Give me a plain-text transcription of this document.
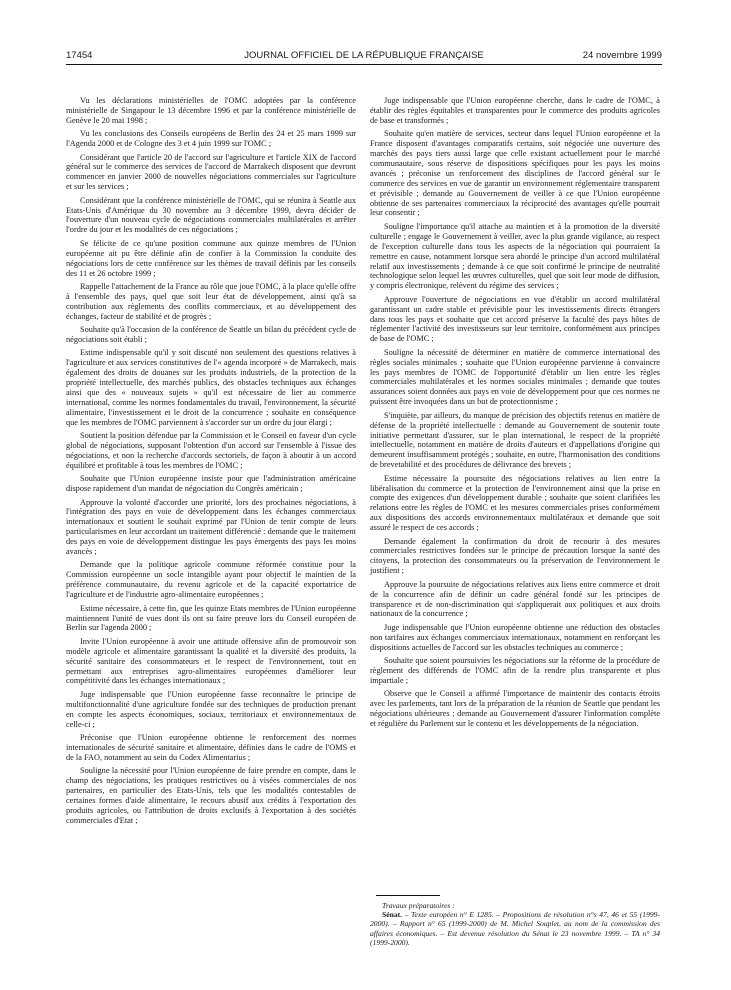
17454	JOURNAL OFFICIEL DE LA RÉPUBLIQUE FRANÇAISE	24 novembre 1999

Vu les déclarations ministérielles de l'OMC adoptées par la conférence ministérielle de Singapour le 13 décembre 1996 et par la conférence ministérielle de Genève le 20 mai 1998 ;

Vu les conclusions des Conseils européens de Berlin des 24 et 25 mars 1999 sur l'Agenda 2000 et de Cologne des 3 et 4 juin 1999 sur l'OMC ;

Considérant que l'article 20 de l'accord sur l'agriculture et l'article XIX de l'accord général sur le commerce des services de l'accord de Marrakech disposent que devront commencer en janvier 2000 de nouvelles négociations commerciales sur l'agriculture et sur les services ;

Considérant que la conférence ministérielle de l'OMC, qui se réunira à Seattle aux Etats-Unis d'Amérique du 30 novembre au 3 décembre 1999, devra décider de l'ouverture d'un nouveau cycle de négociations commerciales multilatérales et arrêter l'ordre du jour et les modalités de ces négociations ;

Se félicite de ce qu'une position commune aux quinze membres de l'Union européenne ait pu être définie afin de confier à la Commission la conduite des négociations lors de cette conférence sur les thèmes de travail définis par les conseils des 11 et 26 octobre 1999 ;

Rappelle l'attachement de la France au rôle que joue l'OMC, à la place qu'elle offre à l'ensemble des pays, quel que soit leur état de développement, ainsi qu'à sa contribution aux règlements des conflits commerciaux, et au développement des échanges, facteur de stabilité et de progrès ;

Souhaite qu'à l'occasion de la conférence de Seattle un bilan du précédent cycle de négociations soit établi ;

Estime indispensable qu'il y soit discuté non seulement des questions relatives à l'agriculture et aux services constitutives de l'« agenda incorporé » de Marrakech, mais également des droits de douanes sur les produits industriels, de la protection de la propriété intellectuelle, des marchés publics, des obstacles techniques aux échanges ainsi que des « nouveaux sujets » qu'il est nécessaire de lier au commerce international, comme les normes fondamentales du travail, l'environnement, la sécurité alimentaire, l'investissement et le droit de la concurrence ; souhaite en conséquence que les membres de l'OMC parviennent à s'accorder sur un ordre du jour élargi ;

Soutient la position défendue par la Commission et le Conseil en faveur d'un cycle global de négociations, supposant l'obtention d'un accord sur l'ensemble à l'issue des négociations, et non la recherche d'accords sectoriels, de façon à aboutir à un accord équilibré et profitable à tous les membres de l'OMC ;

Souhaite que l'Union européenne insiste pour que l'administration américaine dispose rapidement d'un mandat de négociation du Congrès américain ;

Approuve la volonté d'accorder une priorité, lors des prochaines négociations, à l'intégration des pays en voie de développement dans les échanges commerciaux internationaux et soutient le souhait exprimé par l'Union de tenir compte de leurs particularismes en leur accordant un traitement différencié : demande que le traitement des pays en voie de développement distingue les pays émergents des pays les moins avancés ;

Demande que la politique agricole commune réformée constitue pour la Commission européenne un socle intangible ayant pour objectif le maintien de la préférence communautaire, du revenu agricole et de la capacité exportatrice de l'agriculture et de l'industrie agro-alimentaire européennes ;

Estime nécessaire, à cette fin, que les quinze Etats membres de l'Union européenne maintiennent l'unité de vues dont ils ont su faire preuve lors du Conseil européen de Berlin sur l'agenda 2000 ;

Invite l'Union européenne à avoir une attitude offensive afin de promouvoir son modèle agricole et alimentaire garantissant la qualité et la diversité des produits, la sécurité sanitaire des consommateurs et le respect de l'environnement, tout en permettant aux entreprises agro-alimentaires européennes d'améliorer leur compétitivité dans les échanges internationaux ;

Juge indispensable que l'Union européenne fasse reconnaître le principe de multifonctionnalité d'une agriculture fondée sur des techniques de production prenant en compte les aspects économiques, sociaux, territoriaux et environnementaux de celle-ci ;

Préconise que l'Union européenne obtienne le renforcement des normes internationales de sécurité sanitaire et alimentaire, définies dans le cadre de l'OMS et de la FAO, notamment au sein du Codex Alimentarius ;

Souligne la nécessité pour l'Union européenne de faire prendre en compte, dans le champ des négociations, les pratiques restrictives ou à visées commerciales de nos partenaires, en particulier des Etats-Unis, tels que les modalités contestables de certaines formes d'aide alimentaire, le recours abusif aux crédits à l'exportation des produits agricoles, ou l'attribution de droits exclusifs à l'exportation à des sociétés commerciales d'Etat ;

Juge indispensable que l'Union européenne cherche, dans le cadre de l'OMC, à établir des règles équitables et transparentes pour le commerce des produits agricoles de base et transformés ;

Souhaite qu'en matière de services, secteur dans lequel l'Union européenne et la France disposent d'avantages comparatifs certains, soit négociée une ouverture des marchés des pays tiers aussi large que celle existant actuellement pour le marché communautaire, sous réserve de dispositions spécifiques pour les pays les moins avancés ; préconise un renforcement des disciplines de l'accord général sur le commerce des services en vue de garantir un environnement réglementaire transparent et prévisible ; demande au Gouvernement de veiller à ce que l'Union européenne obtienne de ses partenaires commerciaux la réciprocité des avantages qu'elle pourrait leur consentir ;

Souligne l'importance qu'il attache au maintien et à la promotion de la diversité culturelle ; engage le Gouvernement à veiller, avec la plus grande vigilance, au respect de l'exception culturelle dans tous les aspects de la négociation qui pourraient la remettre en cause, notamment lorsque sera abordé le principe d'un accord multilatéral relatif aux investissements ; demande à ce que soit confirmé le principe de neutralité technologique selon lequel les œuvres culturelles, quel que soit leur mode de diffusion, y compris électronique, relèvent du régime des services ;

Approuve l'ouverture de négociations en vue d'établir un accord multilatéral garantissant un cadre stable et prévisible pour les investissements directs étrangers dans tous les pays et souhaite que cet accord préserve la faculté des pays hôtes de réglementer l'activité des investisseurs sur leur territoire, conformément aux principes de base de l'OMC ;

Souligne la nécessité de déterminer en matière de commerce international des règles sociales minimales ; souhaite que l'Union européenne parvienne à convaincre les pays membres de l'OMC de l'opportunité d'établir un lien entre les règles commerciales multilatérales et les normes sociales minimales ; demande que toutes assurances soient données aux pays en voie de développement pour que ces normes ne puissent être invoquées dans un but de protectionnisme ;

S'inquiète, par ailleurs, du manque de précision des objectifs retenus en matière de défense de la propriété intellectuelle : demande au Gouvernement de soutenir toute initiative permettant d'assurer, sur le plan international, le respect de la propriété intellectuelle, notamment en matière de droits d'auteurs et d'appellations d'origine qui demeurent insuffisamment protégés ; souhaite, en outre, l'harmonisation des conditions de brevetabilité et des procédures de délivrance des brevets ;

Estime nécessaire la poursuite des négociations relatives au lien entre la libéralisation du commerce et la protection de l'environnement ainsi que la prise en compte des exigences d'un développement durable ; souhaite que soient clarifiées les relations entre les règles de l'OMC et les mesures commerciales prises conformément aux dispositions des accords environnementaux multilatéraux et demande que soit assuré le respect de ces accords ;

Demande également la confirmation du droit de recourir à des mesures commerciales restrictives fondées sur le principe de précaution lorsque la santé des citoyens, la protection des consommateurs ou la préservation de l'environnement le justifient ;

Approuve la poursuite de négociations relatives aux liens entre commerce et droit de la concurrence afin de définir un cadre général fondé sur les principes de transparence et de non-discrimination qui s'appliquerait aux politiques et aux droits nationaux de la concurrence ;

Juge indispensable que l'Union européenne obtienne une réduction des obstacles non tarifaires aux échanges commerciaux internationaux, notamment en renforçant les dispositions actuelles de l'accord sur les obstacles techniques au commerce ;

Souhaite que soient poursuivies les négociations sur la réforme de la procédure de règlement des différends de l'OMC afin de la rendre plus transparente et plus impartiale ;

Observe que le Conseil a affirmé l'importance de maintenir des contacts étroits avec les parlements, tant lors de la préparation de la réunion de Seattle que pendant les négociations ultérieures ; demande au Gouvernement d'assurer l'information complète et régulière du Parlement sur le contenu et les développements de la négociation.

Travaux préparatoires :
Sénat. – Texte européen n° E 1285. – Propositions de résolution n°s 47, 46 et 55 (1999-2000). – Rapport n° 65 (1999-2000) de M. Michel Souplet, au nom de la commission des affaires économiques. – Est devenue résolution du Sénat le 23 novembre 1999. – TA n° 34 (1999-2000).
